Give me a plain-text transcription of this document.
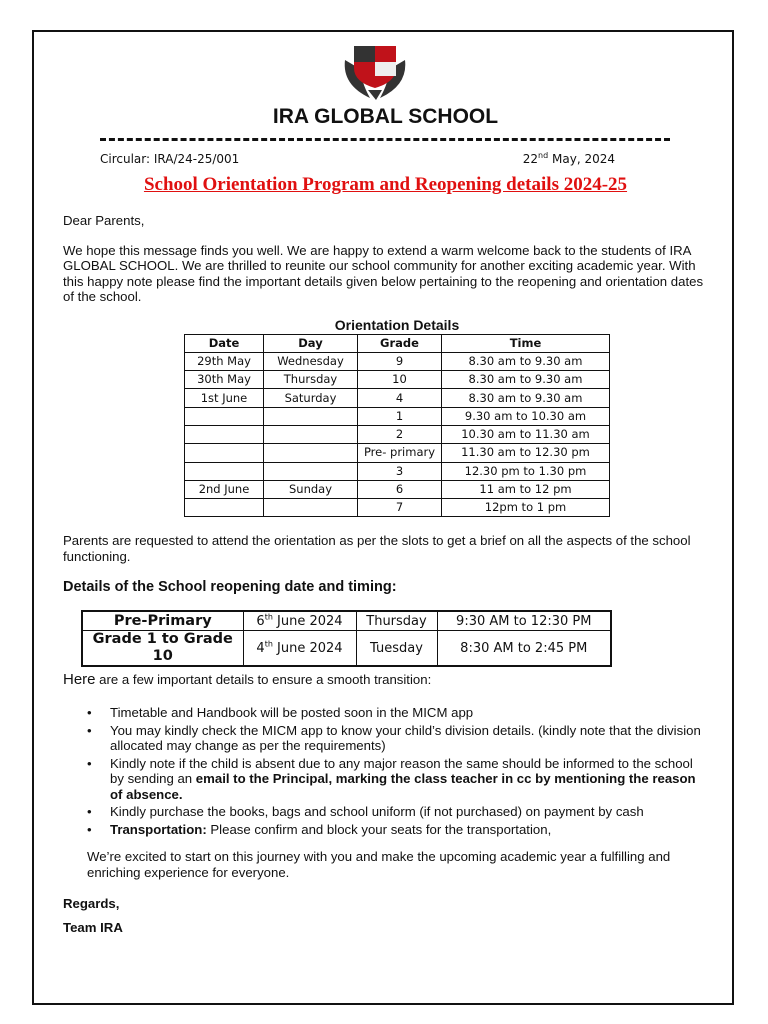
IRA GLOBAL SCHOOL
Circular: IRA/24-25/001	22nd May, 2024
School Orientation Program and Reopening details 2024-25
Dear Parents,
We hope this message finds you well. We are happy to extend a warm welcome back to the students of IRA GLOBAL SCHOOL. We are thrilled to reunite our school community for another exciting academic year. With this happy note please find the important details given below pertaining to the reopening and orientation dates of the school.
Orientation Details
Date	Day	Grade	Time
29th May	Wednesday	9	8.30 am to 9.30 am
30th May	Thursday	10	8.30 am to 9.30 am
1st June	Saturday	4	8.30 am to 9.30 am
		1	9.30 am to 10.30 am
		2	10.30 am to 11.30 am
		Pre- primary	11.30 am to 12.30 pm
		3	12.30 pm to 1.30 pm
2nd June	Sunday	6	11 am to 12 pm
		7	12pm to 1 pm
Parents are requested to attend the orientation as per the slots to get a brief on all the aspects of the school functioning.
Details of the School reopening date and timing:
Pre-Primary	6th June 2024	Thursday	9:30 AM to 12:30 PM
Grade 1 to Grade 10	4th June 2024	Tuesday	8:30 AM to 2:45 PM
Here are a few important details to ensure a smooth transition:
• Timetable and Handbook will be posted soon in the MICM app
• You may kindly check the MICM app to know your child’s division details. (kindly note that the division allocated may change as per the requirements)
• Kindly note if the child is absent due to any major reason the same should be informed to the school by sending an email to the Principal, marking the class teacher in cc by mentioning the reason of absence.
• Kindly purchase the books, bags and school uniform (if not purchased) on payment by cash
• Transportation: Please confirm and block your seats for the transportation,
We’re excited to start on this journey with you and make the upcoming academic year a fulfilling and enriching experience for everyone.
Regards,
Team IRA
